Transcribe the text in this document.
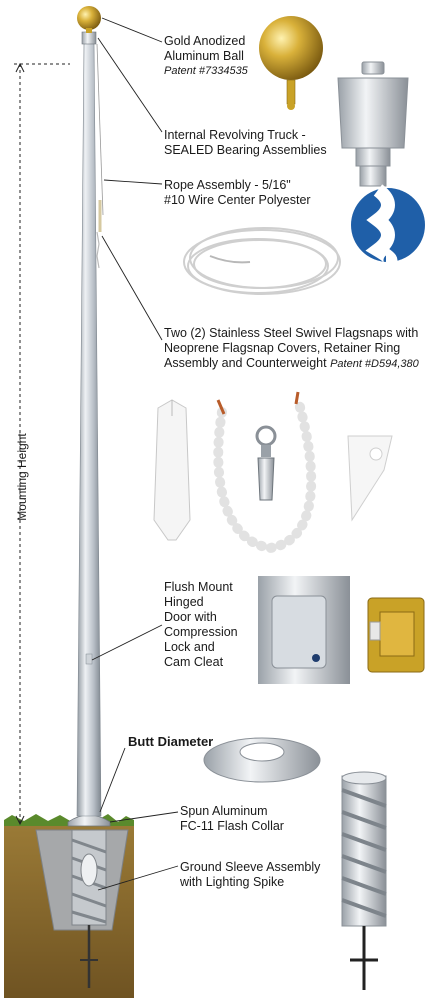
Gold Anodized
Aluminum Ball
Patent #7334535
Internal Revolving Truck -
SEALED Bearing Assemblies
Rope Assembly - 5/16"
#10 Wire Center Polyester
Two (2) Stainless Steel Swivel Flagsnaps with
Neoprene Flagsnap Covers, Retainer Ring
Assembly and Counterweight Patent #D594,380
Flush Mount
Hinged
Door with
Compression
Lock and
Cam Cleat
Butt Diameter
Spun Aluminum
FC-11 Flash Collar
Ground Sleeve Assembly
with Lighting Spike
Mounting Height
